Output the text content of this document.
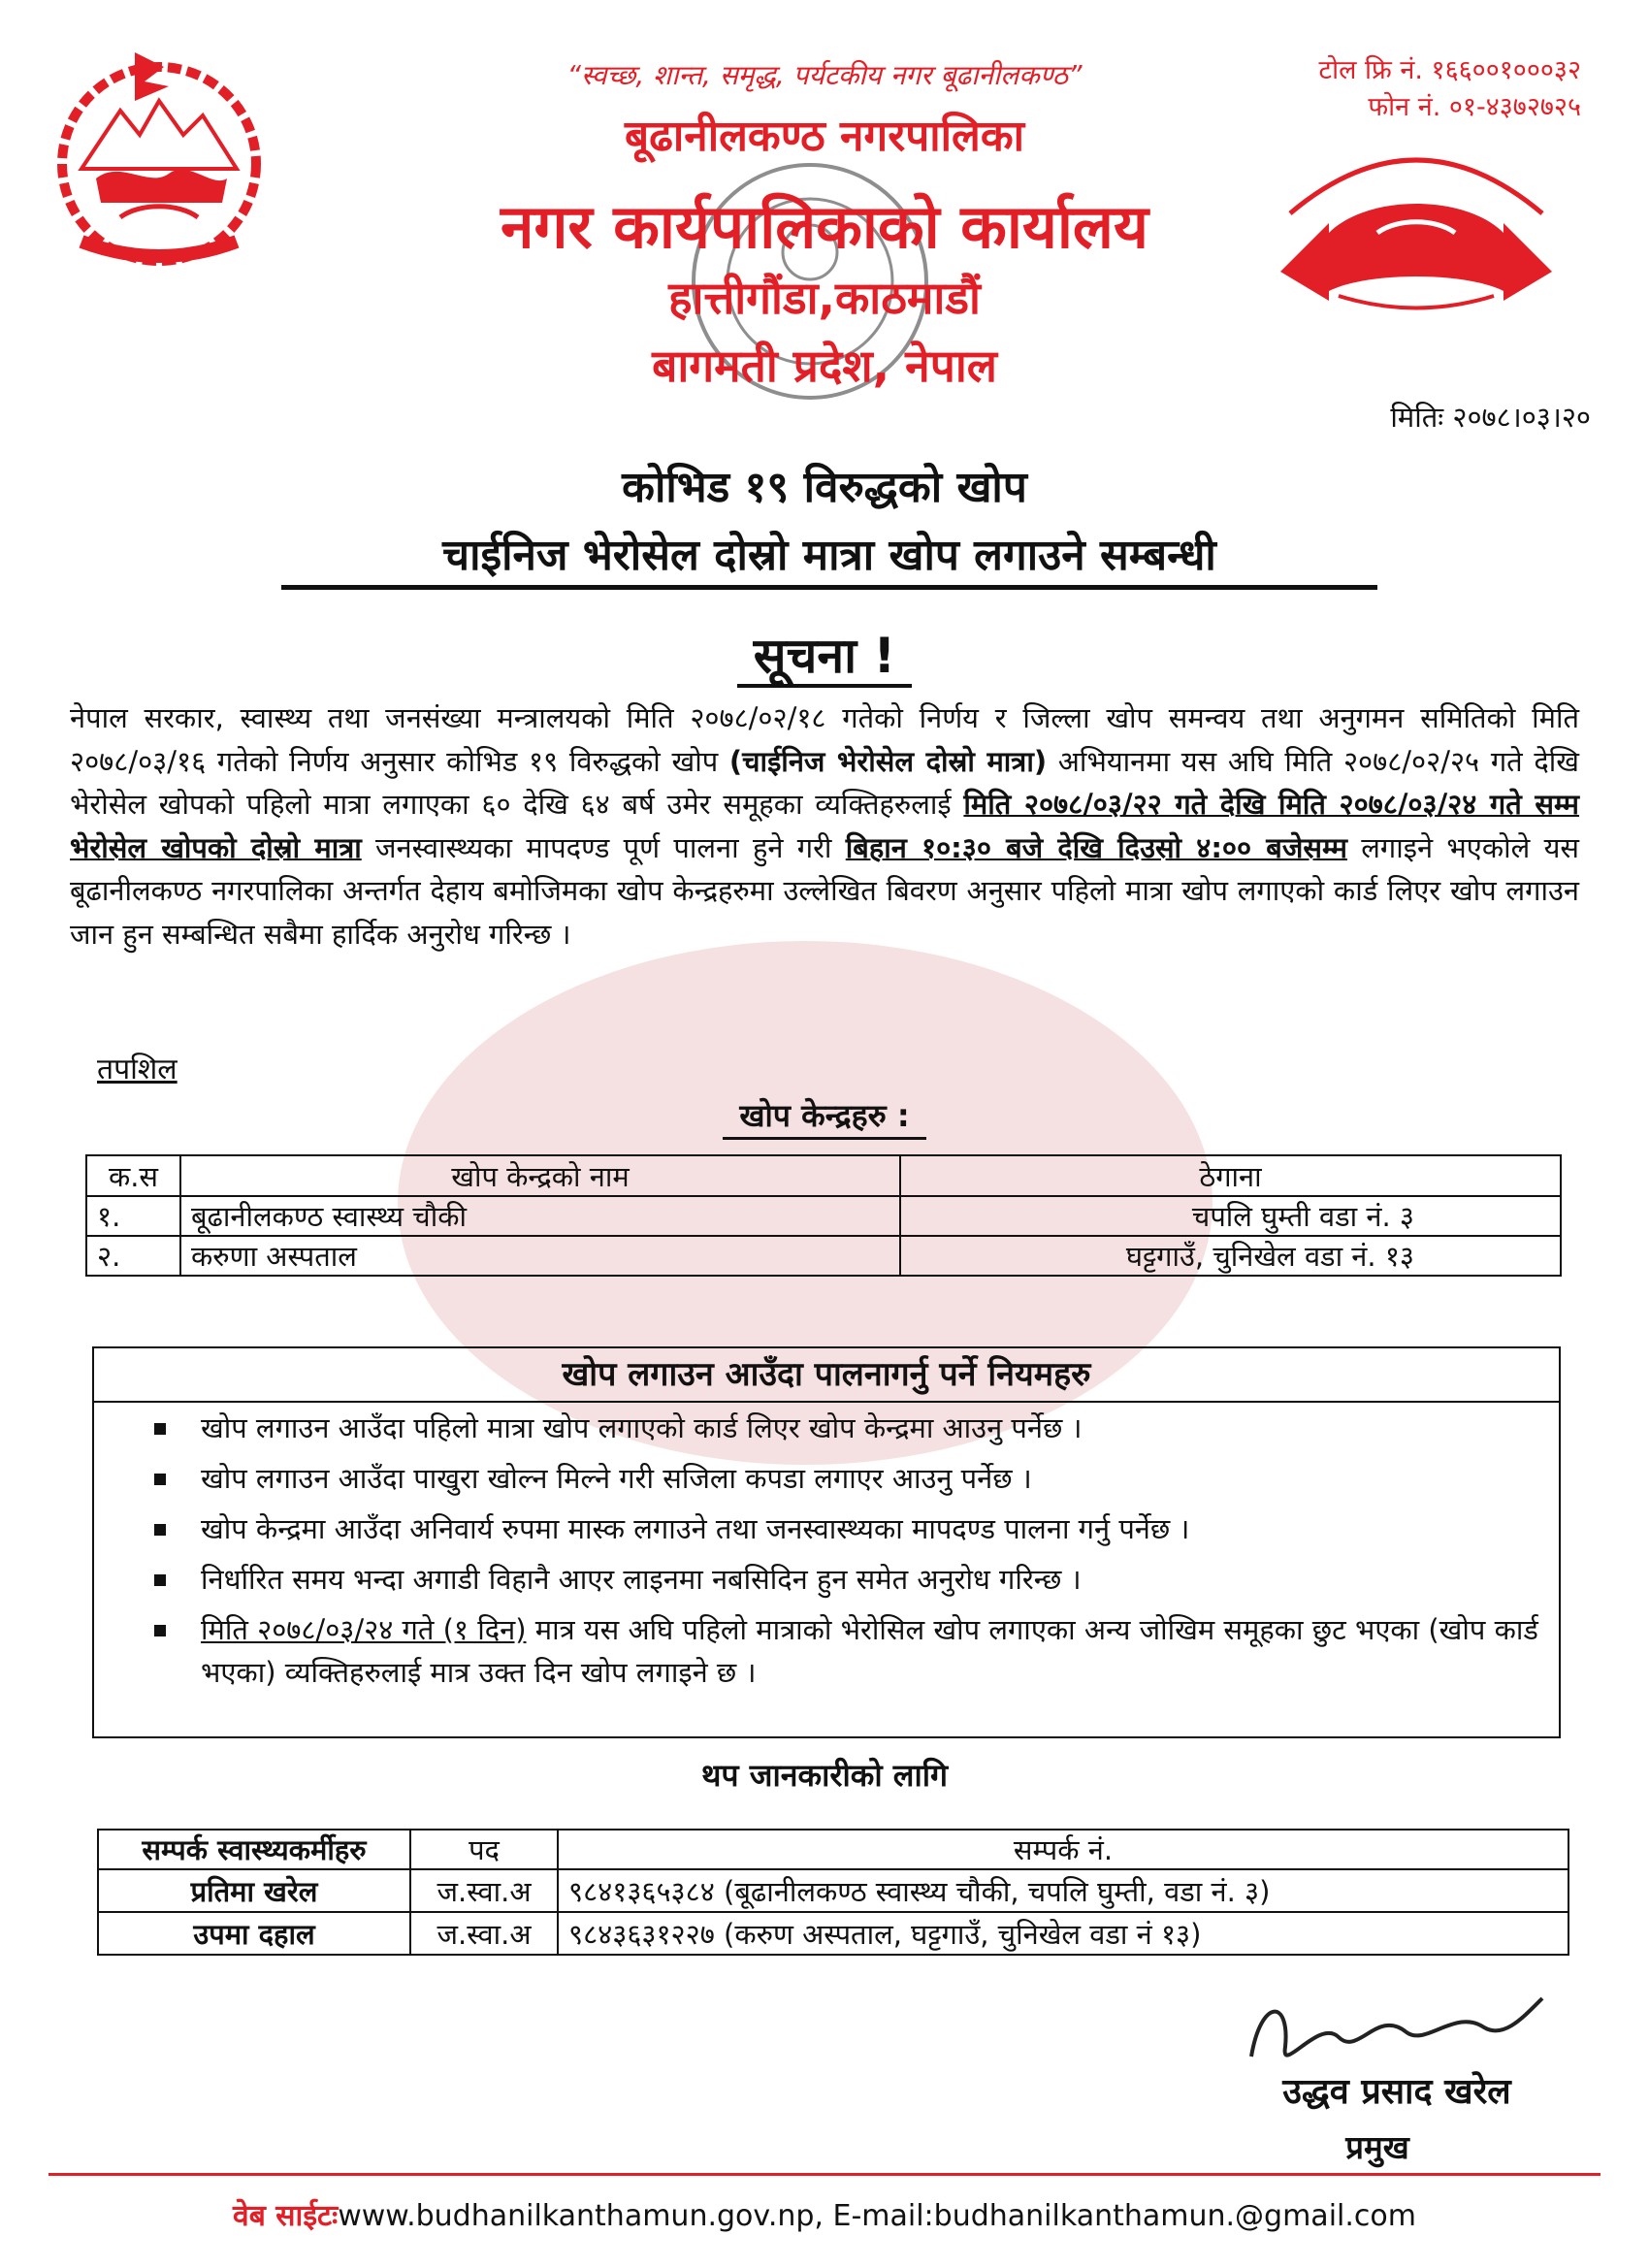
“स्वच्छ, शान्त, समृद्ध, पर्यटकीय नगर बूढानीलकण्ठ”
बूढानीलकण्ठ नगरपालिका
नगर कार्यपालिकाको कार्यालय
हात्तीगौंडा,काठमाडौं
बागमती प्रदेश, नेपाल
टोल फ्रि नं. १६६००१०००३२
फोन नं. ०१-४३७२७२५
मितिः २०७८।०३।२०
कोभिड १९ विरुद्धको खोप
चाईनिज भेरोसेल दोस्रो मात्रा खोप लगाउने सम्बन्धी
सूचना !
नेपाल सरकार, स्वास्थ्य तथा जनसंख्या मन्त्रालयको मिति २०७८/०२/१८ गतेको निर्णय र जिल्ला खोप समन्वय तथा अनुगमन समितिको मिति २०७८/०३/१६ गतेको निर्णय अनुसार कोभिड १९ विरुद्धको खोप (चाईनिज भेरोसेल दोस्रो मात्रा) अभियानमा यस अघि मिति २०७८/०२/२५ गते देखि भेरोसेल खोपको पहिलो मात्रा लगाएका ६० देखि ६४ बर्ष उमेर समूहका व्यक्तिहरुलाई मिति २०७८/०३/२२ गते देखि मिति २०७८/०३/२४ गते सम्म भेरोसेल खोपको दोस्रो मात्रा जनस्वास्थ्यका मापदण्ड पूर्ण पालना हुने गरी बिहान १०:३० बजे देखि दिउसो ४:०० बजेसम्म लगाइने भएकोले यस बूढानीलकण्ठ नगरपालिका अन्तर्गत देहाय बमोजिमका खोप केन्द्रहरुमा उल्लेखित बिवरण अनुसार पहिलो मात्रा खोप लगाएको कार्ड लिएर खोप लगाउन जान हुन सम्बन्धित सबैमा हार्दिक अनुरोध गरिन्छ ।
तपशिल
खोप केन्द्रहरु :
क.स	खोप केन्द्रको नाम	ठेगाना
१.	बूढानीलकण्ठ स्वास्थ्य चौकी	चपलि घुम्ती वडा नं. ३
२.	करुणा अस्पताल	घट्टगाउँ, चुनिखेल वडा नं. १३
खोप लगाउन आउँदा पालनागर्नु पर्ने नियमहरु
खोप लगाउन आउँदा पहिलो मात्रा खोप लगाएको कार्ड लिएर खोप केन्द्रमा आउनु पर्नेछ ।
खोप लगाउन आउँदा पाखुरा खोल्न मिल्ने गरी सजिला कपडा लगाएर आउनु पर्नेछ ।
खोप केन्द्रमा आउँदा अनिवार्य रुपमा मास्क लगाउने तथा जनस्वास्थ्यका मापदण्ड पालना गर्नु पर्नेछ ।
निर्धारित समय भन्दा अगाडी विहानै आएर लाइनमा नबसिदिन हुन समेत अनुरोध गरिन्छ ।
मिति २०७८/०३/२४ गते (१ दिन) मात्र यस अघि पहिलो मात्राको भेरोसिल खोप लगाएका अन्य जोखिम समूहका छुट भएका (खोप कार्ड भएका) व्यक्तिहरुलाई मात्र उक्त दिन खोप लगाइने छ ।
थप जानकारीको लागि
सम्पर्क स्वास्थ्यकर्मीहरु	पद	सम्पर्क नं.
प्रतिमा खरेल	ज.स्वा.अ	९८४१३६५३८४ (बूढानीलकण्ठ स्वास्थ्य चौकी, चपलि घुम्ती, वडा नं. ३)
उपमा दहाल	ज.स्वा.अ	९८४३६३१२२७ (करुण अस्पताल, घट्टगाउँ, चुनिखेल वडा नं १३)
उद्धव प्रसाद खरेल
प्रमुख
वेब साईटःwww.budhanilkanthamun.gov.np, E-mail:budhanilkanthamun.@gmail.com
